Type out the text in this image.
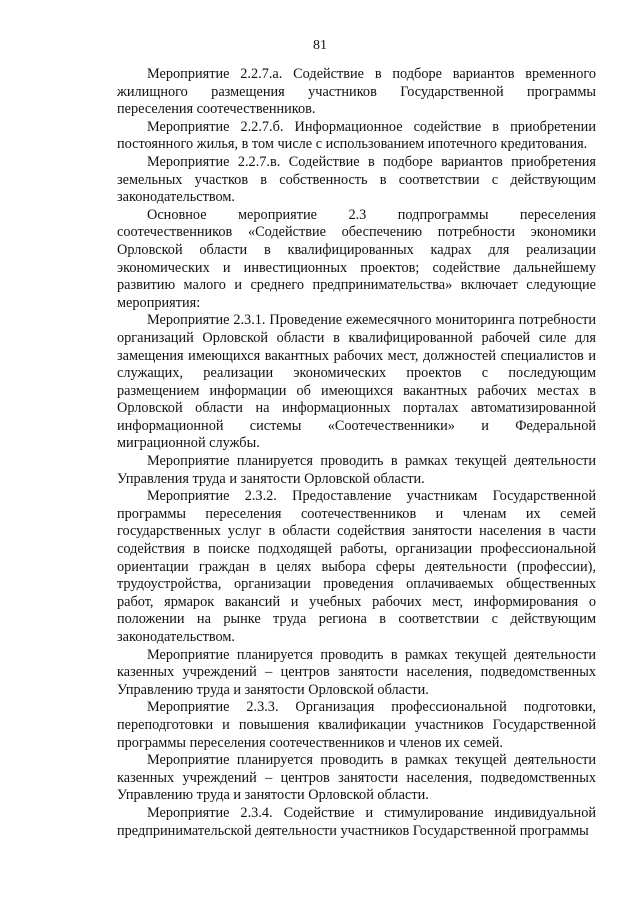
81

Мероприятие 2.2.7.а. Содействие в подборе вариантов временного жилищного размещения участников Государственной программы переселения соотечественников.

Мероприятие 2.2.7.б. Информационное содействие в приобретении постоянного жилья, в том числе с использованием ипотечного кредитования.

Мероприятие 2.2.7.в. Содействие в подборе вариантов приобретения земельных участков в собственность в соответствии с действующим законодательством.

Основное мероприятие 2.3 подпрограммы переселения соотечественников «Содействие обеспечению потребности экономики Орловской области в квалифицированных кадрах для реализации экономических и инвестиционных проектов; содействие дальнейшему развитию малого и среднего предпринимательства» включает следующие мероприятия:

Мероприятие 2.3.1. Проведение ежемесячного мониторинга потребности организаций Орловской области в квалифицированной рабочей силе для замещения имеющихся вакантных рабочих мест, должностей специалистов и служащих, реализации экономических проектов с последующим размещением информации об имеющихся вакантных рабочих местах в Орловской области на информационных порталах автоматизированной информационной системы «Соотечественники» и Федеральной миграционной службы.

Мероприятие планируется проводить в рамках текущей деятельности Управления труда и занятости Орловской области.

Мероприятие 2.3.2. Предоставление участникам Государственной программы переселения соотечественников и членам их семей государственных услуг в области содействия занятости населения в части содействия в поиске подходящей работы, организации профессиональной ориентации граждан в целях выбора сферы деятельности (профессии), трудоустройства, организации проведения оплачиваемых общественных работ, ярмарок вакансий и учебных рабочих мест, информирования о положении на рынке труда региона в соответствии с действующим законодательством.

Мероприятие планируется проводить в рамках текущей деятельности казенных учреждений – центров занятости населения, подведомственных Управлению труда и занятости Орловской области.

Мероприятие 2.3.3. Организация профессиональной подготовки, переподготовки и повышения квалификации участников Государственной программы переселения соотечественников и членов их семей.

Мероприятие планируется проводить в рамках текущей деятельности казенных учреждений – центров занятости населения, подведомственных Управлению труда и занятости Орловской области.

Мероприятие 2.3.4. Содействие и стимулирование индивидуальной предпринимательской деятельности участников Государственной программы
